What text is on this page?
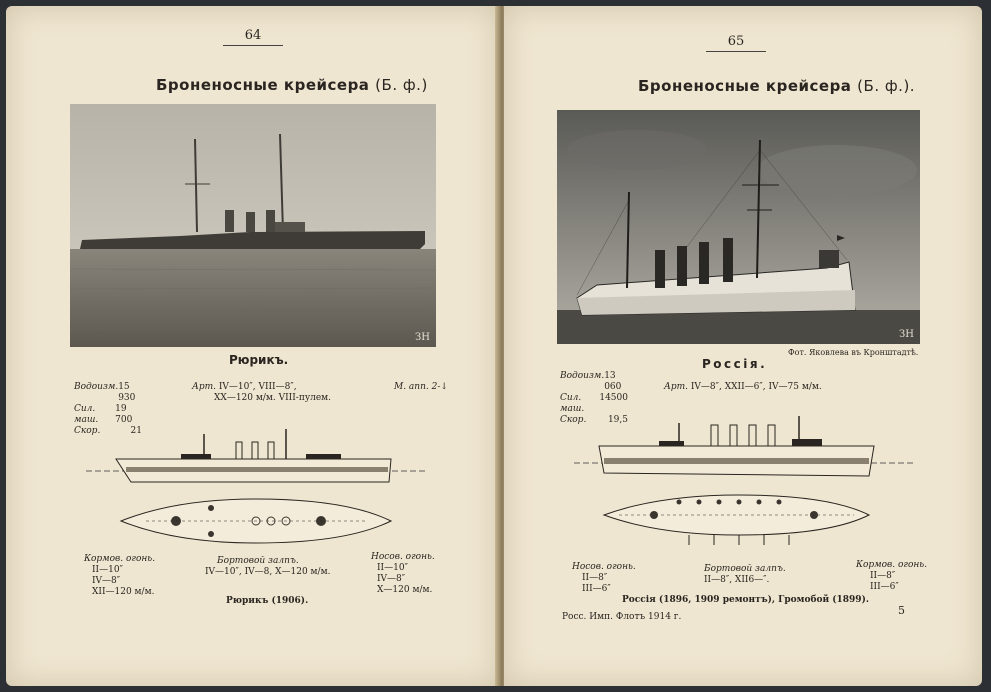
64
Броненосные крейсера (Б. ф.)
ЗН
Рюрикъ.
Водоизм. 15 930
Сил. маш.
19 700
Скор.	21
Арт. IV—10″, VIII—8″,
XX—120 м/м. VIII-пулем.
М. апп. 2-↓
Кормов. огонь.
II—10″
IV—8″
XII—120 м/м.
Бортовой залпъ.
IV—10″, IV—8, X—120 м/м.
Носов. огонь.
II—10″
IV—8″
X—120 м/м.
Рюрикъ (1906).
65
Броненосные крейсера (Б. ф.).
ЗН
Фот. Яковлева въ Кронштадтѣ.
Россія.
Водоизм. 13 060
Сил. маш.
14500
Скор. 19,5
Арт. IV—8″, XXII—6″, IV—75 м/м.
Носов. огонь.
II—8″
III—6″
Бортовой залпъ.
II—8″, XII6—″.
Кормов. огонь.
II—8″
III—6″
Россія (1896, 1909 ремонтъ), Громобой (1899).
Росс. Имп. Флотъ 1914 г.	5
